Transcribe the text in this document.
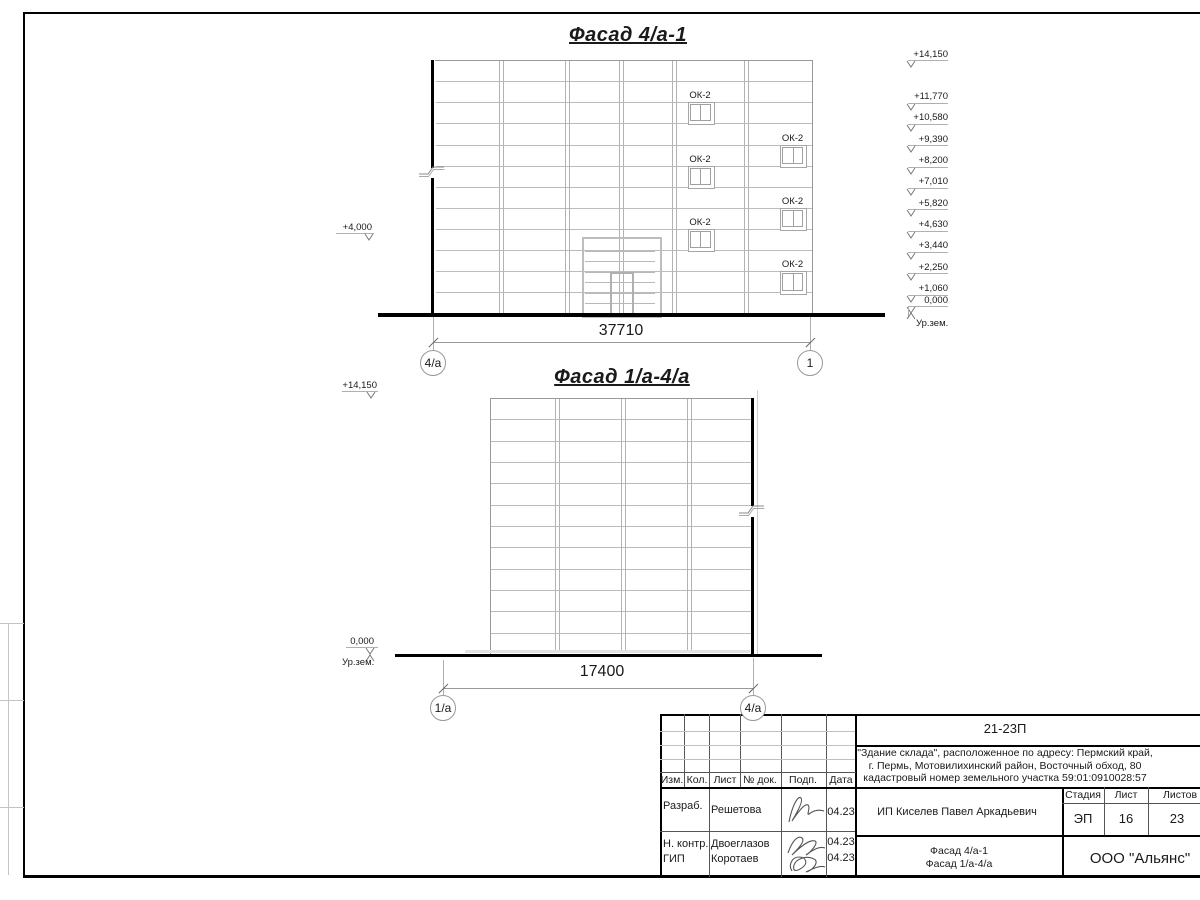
ОК-2
ОК-2
ОК-2
ОК-2
ОК-2
ОК-2
+14,150
+11,770
+10,580
+9,390
+8,200
+7,010
+5,820
+4,630
+3,440
+2,250
+1,060
0,000
Ур.зем.
+4,000
+14,150
0,000
Ур.зем.
Фасад 4/а-1
Фасад 1/а-4/а
37710
17400
4/а	1
1/а	4/а
21-23П
"Здание склада", расположенное по адресу: Пермский край,
г. Пермь, Мотовилихинский район, Восточный обход, 80
кадастровый номер земельного участка 59:01:0910028:57
Изм. Кол. Лист № док. Подп. Дата
Разраб. Решетова	04.23
Н. контр. Двоеглазов	04.23
ГИП Коротаев	04.23
ИП Киселев Павел Аркадьевич
Стадия Лист Листов
ЭП 16	23
Фасад 4/а-1
Фасад 1/а-4/а	ООО "Альянс"
